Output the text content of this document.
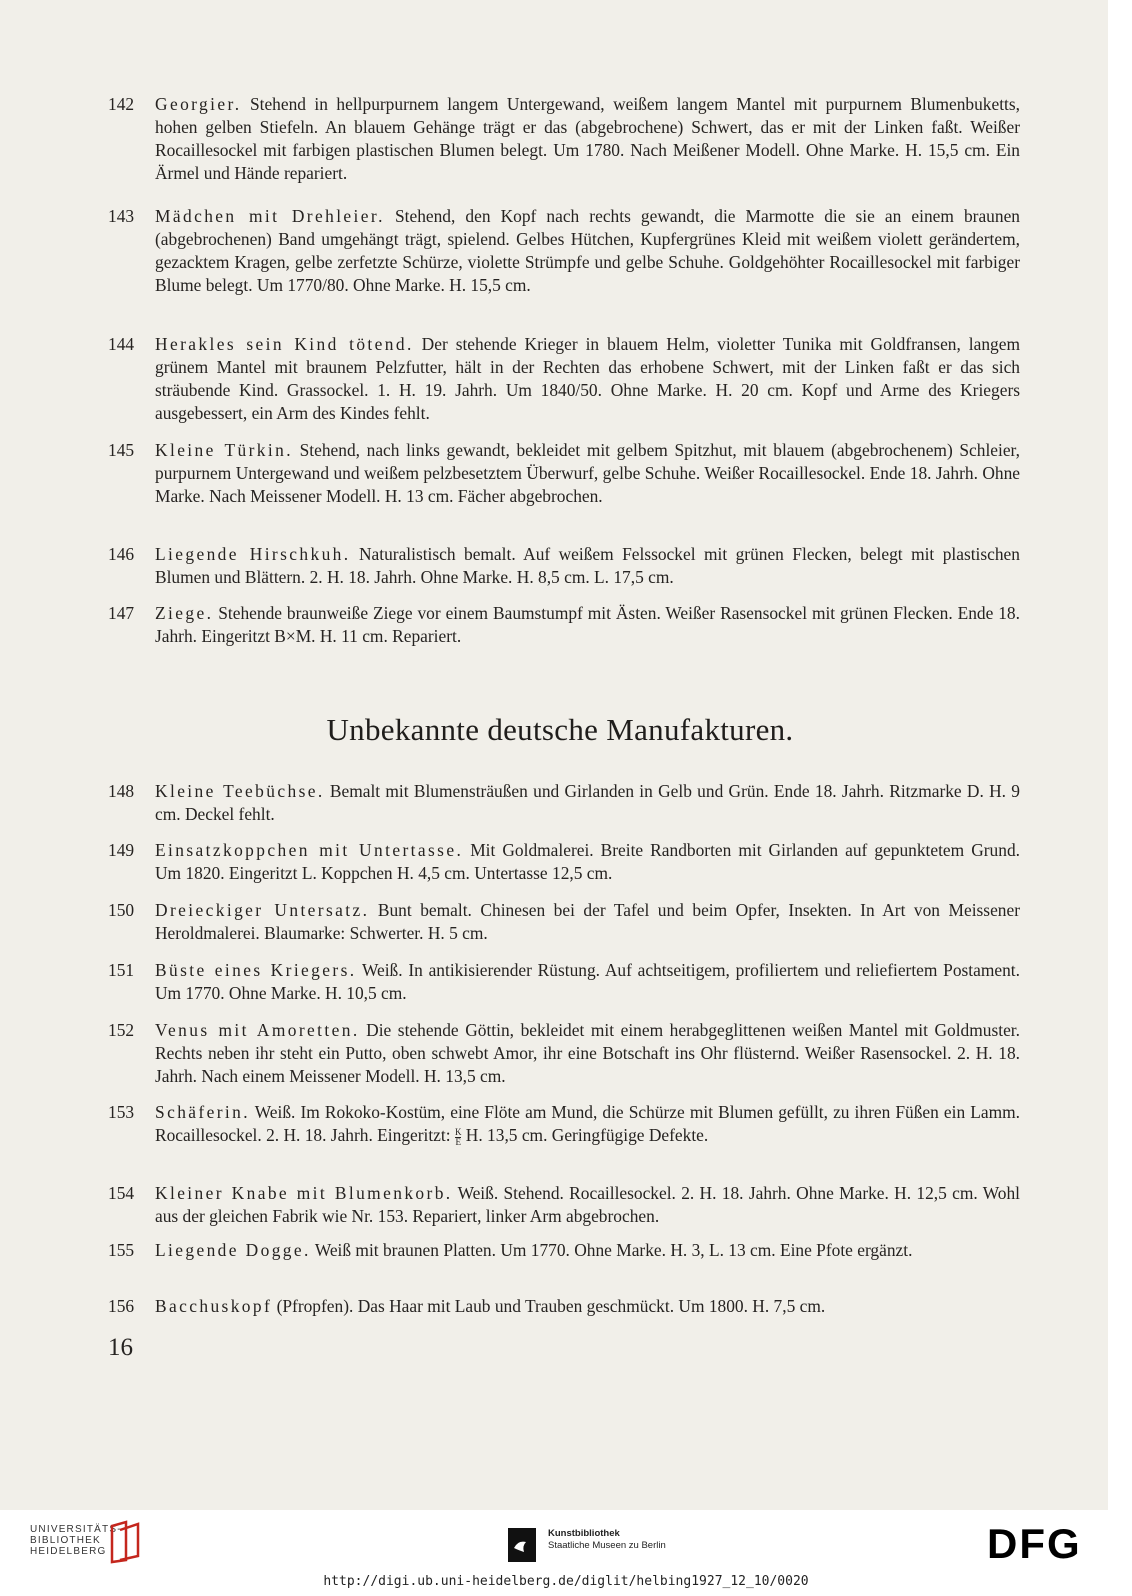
142	Georgier. Stehend in hellpurpurnem langem Untergewand, weißem langem Mantel mit purpurnem Blumenbuketts, hohen gelben Stiefeln. An blauem Gehänge trägt er das (abgebrochene) Schwert, das er mit der Linken faßt. Weißer Rocaillesockel mit farbigen plastischen Blumen belegt. Um 1780. Nach Meißener Modell. Ohne Marke. H. 15,5 cm. Ein Ärmel und Hände repariert.
143	Mädchen mit Drehleier. Stehend, den Kopf nach rechts gewandt, die Marmotte die sie an einem braunen (abgebrochenen) Band umgehängt trägt, spielend. Gelbes Hütchen, Kupfergrünes Kleid mit weißem violett gerändertem, gezacktem Kragen, gelbe zerfetzte Schürze, violette Strümpfe und gelbe Schuhe. Goldgehöhter Rocaillesockel mit farbiger Blume belegt. Um 1770/80. Ohne Marke. H. 15,5 cm.
144	Herakles sein Kind tötend. Der stehende Krieger in blauem Helm, violetter Tunika mit Goldfransen, langem grünem Mantel mit braunem Pelzfutter, hält in der Rechten das erhobene Schwert, mit der Linken faßt er das sich sträubende Kind. Grassockel. 1. H. 19. Jahrh. Um 1840/50. Ohne Marke. H. 20 cm. Kopf und Arme des Kriegers ausgebessert, ein Arm des Kindes fehlt.
145	Kleine Türkin. Stehend, nach links gewandt, bekleidet mit gelbem Spitzhut, mit blauem (abgebrochenem) Schleier, purpurnem Untergewand und weißem pelzbesetztem Überwurf, gelbe Schuhe. Weißer Rocaillesockel. Ende 18. Jahrh. Ohne Marke. Nach Meissener Modell. H. 13 cm. Fächer abgebrochen.
146	Liegende Hirschkuh. Naturalistisch bemalt. Auf weißem Felssockel mit grünen Flecken, belegt mit plastischen Blumen und Blättern. 2. H. 18. Jahrh. Ohne Marke. H. 8,5 cm. L. 17,5 cm.
147	Ziege. Stehende braunweiße Ziege vor einem Baumstumpf mit Ästen. Weißer Rasensockel mit grünen Flecken. Ende 18. Jahrh. Eingeritzt B×M. H. 11 cm. Repariert.
Unbekannte deutsche Manufakturen.
148	Kleine Teebüchse. Bemalt mit Blumensträußen und Girlanden in Gelb und Grün. Ende 18. Jahrh. Ritzmarke D. H. 9 cm. Deckel fehlt.
149	Einsatzkoppchen mit Untertasse. Mit Goldmalerei. Breite Randborten mit Girlanden auf gepunktetem Grund. Um 1820. Eingeritzt L. Koppchen H. 4,5 cm. Untertasse 12,5 cm.
150	Dreieckiger Untersatz. Bunt bemalt. Chinesen bei der Tafel und beim Opfer, Insekten. In Art von Meissener Heroldmalerei. Blaumarke: Schwerter. H. 5 cm.
151	Büste eines Kriegers. Weiß. In antikisierender Rüstung. Auf achtseitigem, profiliertem und reliefiertem Postament. Um 1770. Ohne Marke. H. 10,5 cm.
152	Venus mit Amoretten. Die stehende Göttin, bekleidet mit einem herabgeglittenen weißen Mantel mit Goldmuster. Rechts neben ihr steht ein Putto, oben schwebt Amor, ihr eine Botschaft ins Ohr flüsternd. Weißer Rasensockel. 2. H. 18. Jahrh. Nach einem Meissener Modell. H. 13,5 cm.
153	Schäferin. Weiß. Im Rokoko-Kostüm, eine Flöte am Mund, die Schürze mit Blumen gefüllt, zu ihren Füßen ein Lamm. Rocaillesockel. 2. H. 18. Jahrh. Eingeritzt: $\frac{K}{E} H$. 13,5 cm. Geringfügige Defekte.
154	Kleiner Knabe mit Blumenkorb. Weiß. Stehend. Rocaillesockel. 2. H. 18. Jahrh. Ohne Marke. H. 12,5 cm. Wohl aus der gleichen Fabrik wie Nr. 153. Repariert, linker Arm abgebrochen.
155	Liegende Dogge. Weiß mit braunen Platten. Um 1770. Ohne Marke. H. 3, L. 13 cm. Eine Pfote ergänzt.
156	Bacchuskopf (Pfropfen). Das Haar mit Laub und Trauben geschmückt. Um 1800. H. 7,5 cm.
16
UNIVERSITÄTS-
BIBLIOTHEK
HEIDELBERG
Kunstbibliothek
Staatliche Museen zu Berlin	DFG
http://digi.ub.uni-heidelberg.de/diglit/helbing1927_12_10/0020
